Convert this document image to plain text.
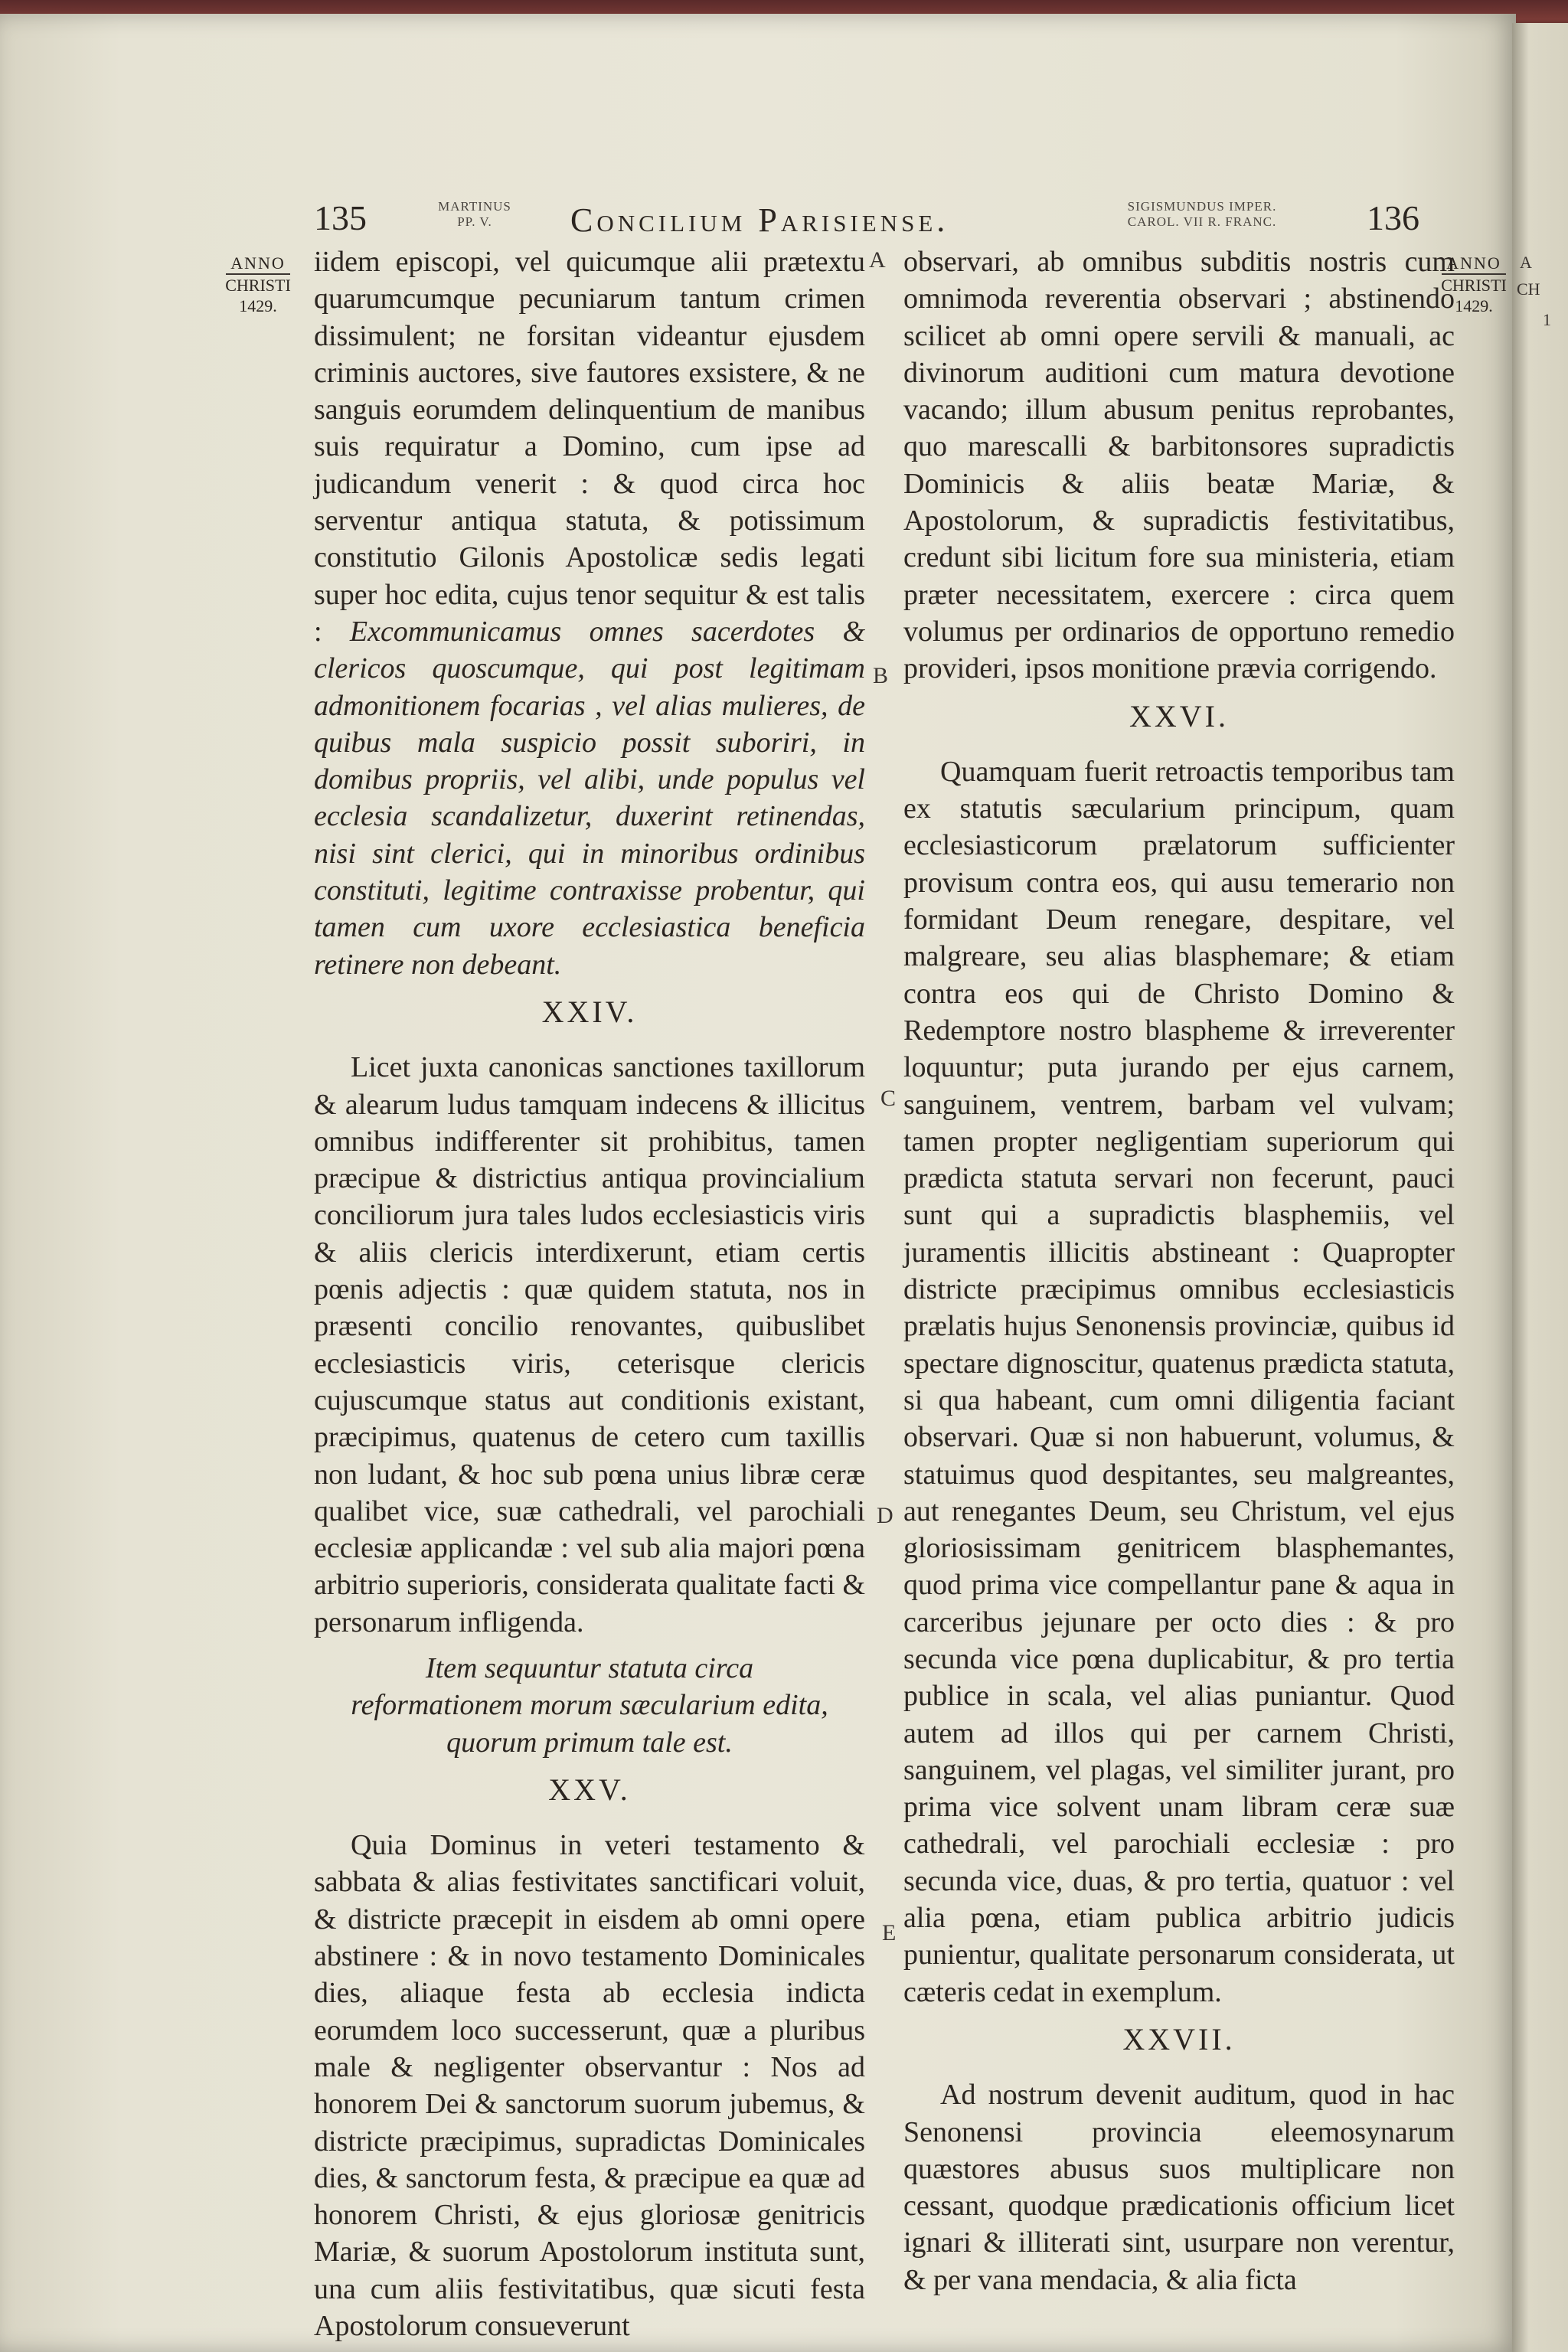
135	MARTINUS
PP. V.	Concilium Parisiense.	SIGISMUNDUS IMPER.
CAROL. VII R. FRANC.	136
ANNO
CHRISTI
1429.
ANNO
CHRISTI
1429.
A
B
C
D
E

iidem episcopi, vel quicumque alii prætextu quarumcumque pecuniarum tantum crimen dissimulent; ne forsitan videantur ejusdem criminis auctores, sive fautores exsistere, & ne sanguis eorumdem delinquentium de manibus suis requiratur a Domino, cum ipse ad judicandum venerit : & quod circa hoc serventur antiqua statuta, & potissimum constitutio Gilonis Apostolicæ sedis legati super hoc edita, cujus tenor sequitur & est talis : Excommunicamus omnes sacerdotes & clericos quoscumque, qui post legitimam admonitionem focarias , vel alias mulieres, de quibus mala suspicio possit suboriri, in domibus propriis, vel alibi, unde populus vel ecclesia scandalizetur, duxerint retinendas, nisi sint clerici, qui in minoribus ordinibus constituti, legitime contraxisse probentur, qui tamen cum uxore ecclesiastica beneficia retinere non debeant.

XXIV.

Licet juxta canonicas sanctiones taxillorum & alearum ludus tamquam indecens & illicitus omnibus indifferenter sit prohibitus, tamen præcipue & districtius antiqua provincialium conciliorum jura tales ludos ecclesiasticis viris & aliis clericis interdixerunt, etiam certis pœnis adjectis : quæ quidem statuta, nos in præsenti concilio renovantes, quibuslibet ecclesiasticis viris, ceterisque clericis cujuscumque status aut conditionis existant, præcipimus, quatenus de cetero cum taxillis non ludant, & hoc sub pœna unius libræ ceræ qualibet vice, suæ cathedrali, vel parochiali ecclesiæ applicandæ : vel sub alia majori pœna arbitrio superioris, considerata qualitate facti & personarum infligenda.

Item sequuntur statuta circa reformationem morum sæcularium edita, quorum primum tale est.
XXV.

Quia Dominus in veteri testamento & sabbata & alias festivitates sanctificari voluit, & districte præcepit in eisdem ab omni opere abstinere : & in novo testamento Dominicales dies, aliaque festa ab ecclesia indicta eorumdem loco successerunt, quæ a pluribus male & negligenter observantur : Nos ad honorem Dei & sanctorum suorum jubemus, & districte præcipimus, supradictas Dominicales dies, & sanctorum festa, & præcipue ea quæ ad honorem Christi, & ejus gloriosæ genitricis Mariæ, & suorum Apostolorum instituta sunt, una cum aliis festivitatibus, quæ sicuti festa Apostolorum consueverunt

observari, ab omnibus subditis nostris cum omnimoda reverentia observari ; abstinendo scilicet ab omni opere servili & manuali, ac divinorum auditioni cum matura devotione vacando; illum abusum penitus reprobantes, quo marescalli & barbitonsores supradictis Dominicis & aliis beatæ Mariæ, & Apostolorum, & supradictis festivitatibus, credunt sibi licitum fore sua ministeria, etiam præter necessitatem, exercere : circa quem volumus per ordinarios de opportuno remedio provideri, ipsos monitione prævia corrigendo.

XXVI.

Quamquam fuerit retroactis temporibus tam ex statutis sæcularium principum, quam ecclesiasticorum prælatorum sufficienter provisum contra eos, qui ausu temerario non formidant Deum renegare, despitare, vel malgreare, seu alias blasphemare; & etiam contra eos qui de Christo Domino & Redemptore nostro blaspheme & irreverenter loquuntur; puta jurando per ejus carnem, sanguinem, ventrem, barbam vel vulvam; tamen propter negligentiam superiorum qui prædicta statuta servari non fecerunt, pauci sunt qui a supradictis blasphemiis, vel juramentis illicitis abstineant : Quapropter districte præcipimus omnibus ecclesiasticis prælatis hujus Senonensis provinciæ, quibus id spectare dignoscitur, quatenus prædicta statuta, si qua habeant, cum omni diligentia faciant observari. Quæ si non habuerunt, volumus, & statuimus quod despitantes, seu malgreantes, aut renegantes Deum, seu Christum, vel ejus gloriosissimam genitricem blasphemantes, quod prima vice compellantur pane & aqua in carceribus jejunare per octo dies : & pro secunda vice pœna duplicabitur, & pro tertia publice in scala, vel alias puniantur. Quod autem ad illos qui per carnem Christi, sanguinem, vel plagas, vel similiter jurant, pro prima vice solvent unam libram ceræ suæ cathedrali, vel parochiali ecclesiæ : pro secunda vice, duas, & pro tertia, quatuor : vel alia pœna, etiam publica arbitrio judicis punientur, qualitate personarum considerata, ut cæteris cedat in exemplum.

XXVII.

Ad nostrum devenit auditum, quod in hac Senonensi provincia eleemosynarum quæstores abusus suos multiplicare non cessant, quodque prædicationis officium licet ignari & illiterati sint, usurpare non verentur, & per vana mendacia, & alia ficta

A
CH
1
